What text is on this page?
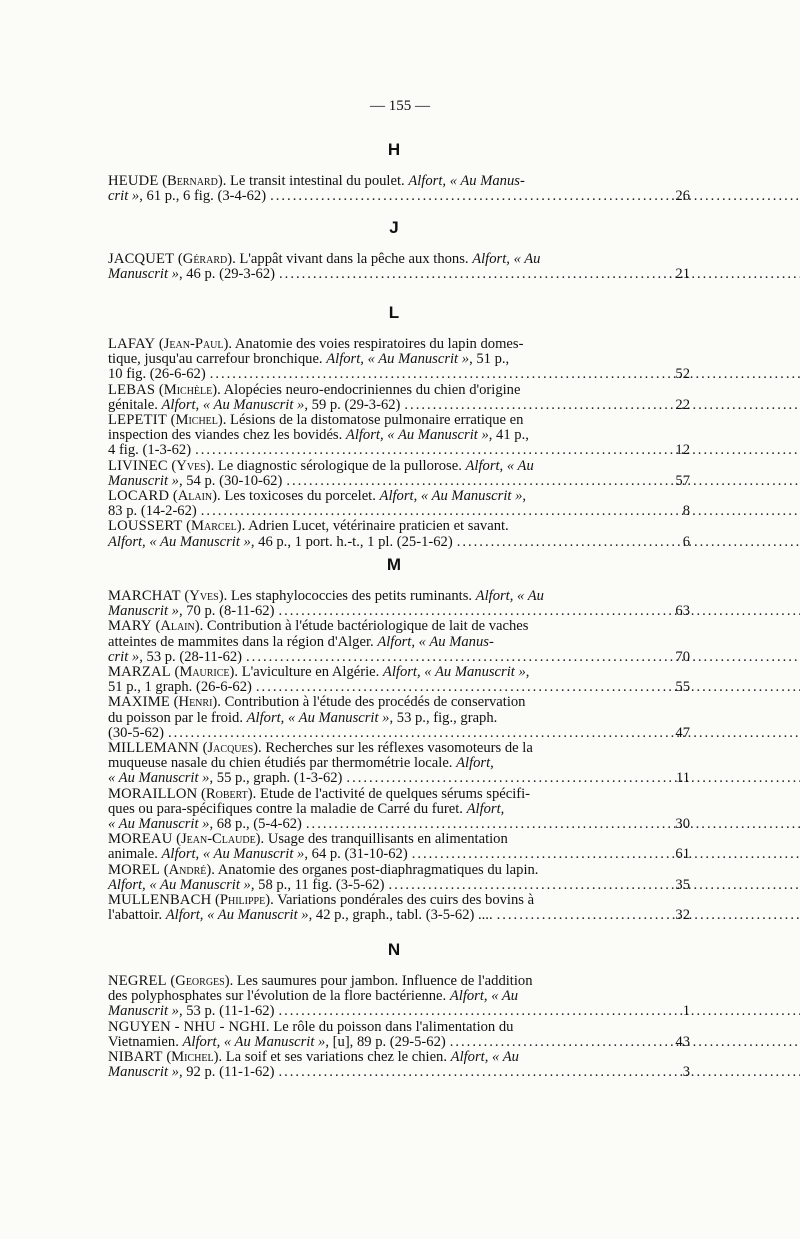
— 155 —
H
HEUDE (Bernard). Le transit intestinal du poulet. Alfort, « Au Manus-
crit », 61 p., 6 fig. (3-4-62) .....	26
J
JACQUET (Gérard). L'appât vivant dans la pêche aux thons. Alfort, « Au
Manuscrit », 46 p. (29-3-62) .....	21
L
LAFAY (Jean-Paul). Anatomie des voies respiratoires du lapin domes-
tique, jusqu'au carrefour bronchique. Alfort, « Au Manuscrit », 51 p.,
10 fig. (26-6-62) .....	52
LEBAS (Michèle). Alopécies neuro-endocriniennes du chien d'origine
génitale. Alfort, « Au Manuscrit », 59 p. (29-3-62) .....	22
LEPETIT (Michel). Lésions de la distomatose pulmonaire erratique en
inspection des viandes chez les bovidés. Alfort, « Au Manuscrit », 41 p.,
4 fig. (1-3-62) .....	12
LIVINEC (Yves). Le diagnostic sérologique de la pullorose. Alfort, « Au
Manuscrit », 54 p. (30-10-62) .....	57
LOCARD (Alain). Les toxicoses du porcelet. Alfort, « Au Manuscrit »,
83 p. (14-2-62) .....	8
LOUSSERT (Marcel). Adrien Lucet, vétérinaire praticien et savant.
Alfort, « Au Manuscrit », 46 p., 1 port. h.-t., 1 pl. (25-1-62) .....	6
M
MARCHAT (Yves). Les staphylococcies des petits ruminants. Alfort, « Au
Manuscrit », 70 p. (8-11-62) .....	63
MARY (Alain). Contribution à l'étude bactériologique de lait de vaches
atteintes de mammites dans la région d'Alger. Alfort, « Au Manus-
crit », 53 p. (28-11-62) .....	70
MARZAL (Maurice). L'aviculture en Algérie. Alfort, « Au Manuscrit »,
51 p., 1 graph. (26-6-62) .....	55
MAXIME (Henri). Contribution à l'étude des procédés de conservation
du poisson par le froid. Alfort, « Au Manuscrit », 53 p., fig., graph.
(30-5-62) .....	47
MILLEMANN (Jacques). Recherches sur les réflexes vasomoteurs de la
muqueuse nasale du chien étudiés par thermométrie locale. Alfort,
« Au Manuscrit », 55 p., graph. (1-3-62) .....	11
MORAILLON (Robert). Etude de l'activité de quelques sérums spécifi-
ques ou para-spécifiques contre la maladie de Carré du furet. Alfort,
« Au Manuscrit », 68 p., (5-4-62) .....	30
MOREAU (Jean-Claude). Usage des tranquillisants en alimentation
animale. Alfort, « Au Manuscrit », 64 p. (31-10-62) .....	61
MOREL (André). Anatomie des organes post-diaphragmatiques du lapin.
Alfort, « Au Manuscrit », 58 p., 11 fig. (3-5-62) .....	35
MULLENBACH (Philippe). Variations pondérales des cuirs des bovins à
l'abattoir. Alfort, « Au Manuscrit », 42 p., graph., tabl. (3-5-62) .... .....	32
N
NEGREL (Georges). Les saumures pour jambon. Influence de l'addition
des polyphosphates sur l'évolution de la flore bactérienne. Alfort, « Au
Manuscrit », 53 p. (11-1-62) .....	1
NGUYEN - NHU - NGHI. Le rôle du poisson dans l'alimentation du
Vietnamien. Alfort, « Au Manuscrit », [u], 89 p. (29-5-62) .....	43
NIBART (Michel). La soif et ses variations chez le chien. Alfort, « Au
Manuscrit », 92 p. (11-1-62) .....	3
